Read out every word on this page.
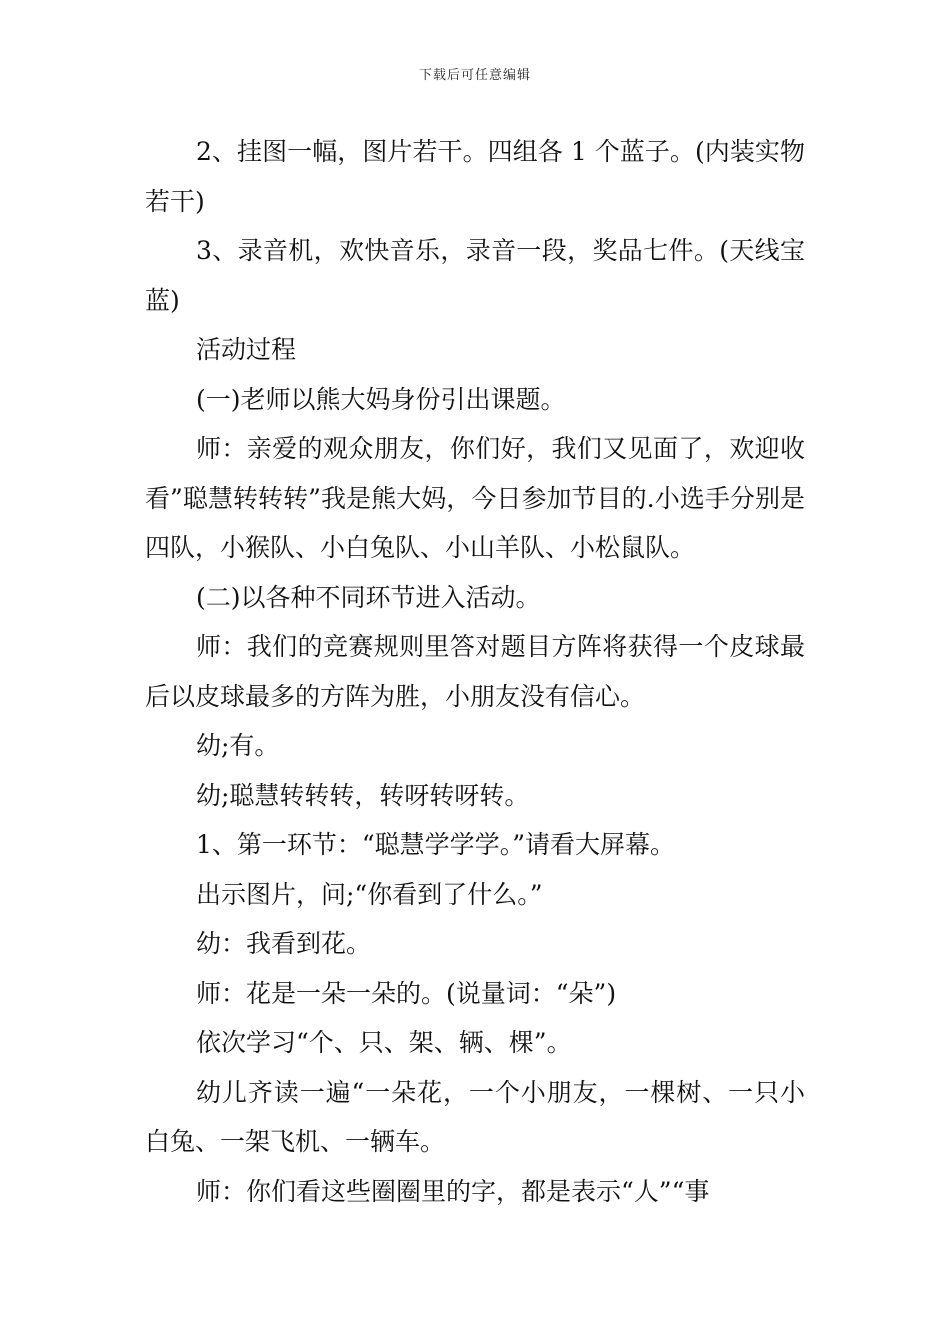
下载后可任意编辑

2、挂图一幅，图片若干。四组各 1 个蓝子。(内装实物若干)

3、录音机，欢快音乐，录音一段，奖品七件。(天线宝蓝)

活动过程

(一)老师以熊大妈身份引出课题。

师：亲爱的观众朋友，你们好，我们又见面了，欢迎收看”聪慧转转转”我是熊大妈，今日参加节目的.小选手分别是四队，小猴队、小白兔队、小山羊队、小松鼠队。

(二)以各种不同环节进入活动。

师：我们的竞赛规则里答对题目方阵将获得一个皮球最后以皮球最多的方阵为胜，小朋友没有信心。

幼;有。

幼;聪慧转转转，转呀转呀转。

1、第一环节：“聪慧学学学。”请看大屏幕。

出示图片，问;“你看到了什么。”

幼：我看到花。

师：花是一朵一朵的。(说量词：“朵”)

依次学习“个、只、架、辆、棵”。

幼儿齐读一遍“一朵花，一个小朋友，一棵树、一只小白兔、一架飞机、一辆车。

师：你们看这些圈圈里的字，都是表示“人”“事
